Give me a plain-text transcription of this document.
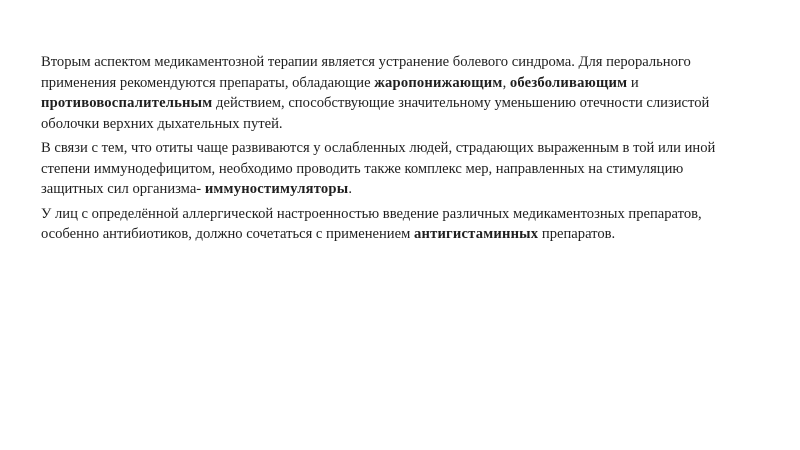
Вторым аспектом медикаментозной терапии является устранение болевого синдрома. Для перорального применения рекомендуются препараты, обладающие жаропонижающим, обезболивающим и противовоспалительным действием, способствующие значительному уменьшению отечности слизистой оболочки верхних дыхательных путей.

В связи с тем, что отиты чаще развиваются у ослабленных людей, страдающих выраженным в той или иной степени иммунодефицитом, необходимо проводить также комплекс мер, направленных на стимуляцию защитных сил организма- иммуностимуляторы.

У лиц с определённой аллергической настроенностью введение различных медикаментозных препаратов, особенно антибиотиков, должно сочетаться с применением антигистаминных препаратов.
